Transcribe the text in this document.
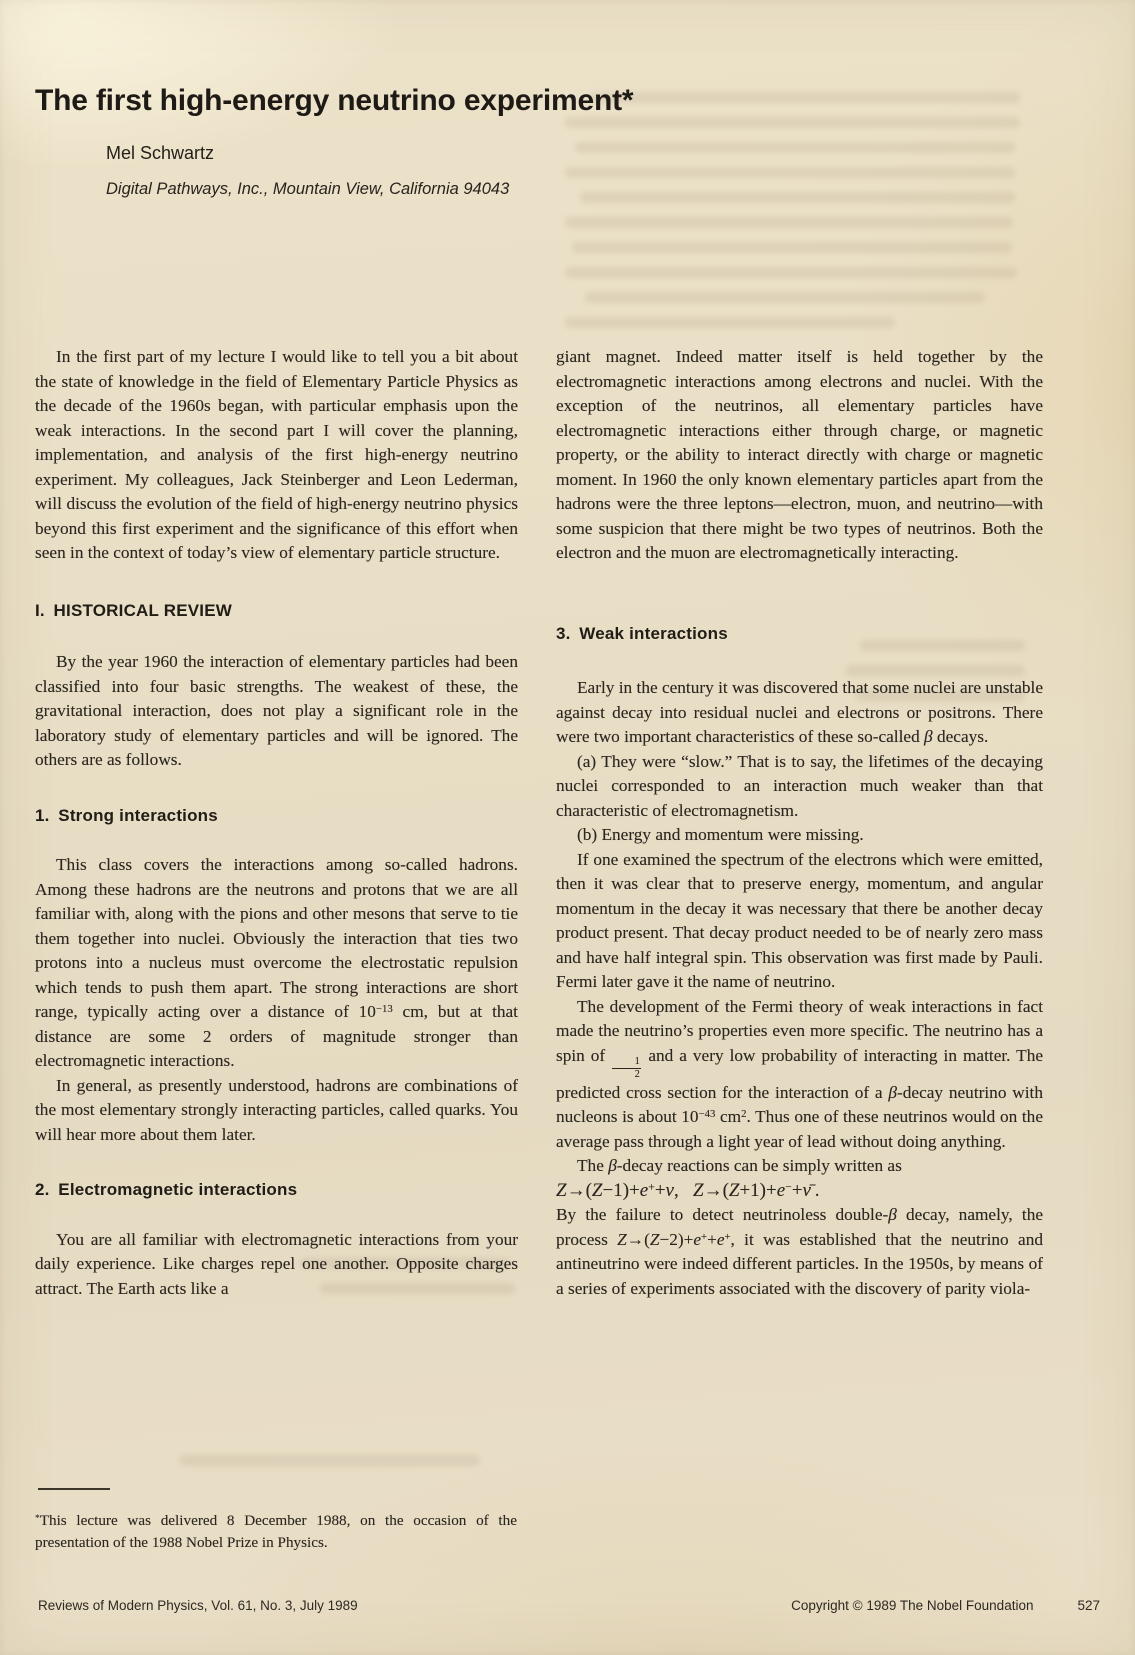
The first high-energy neutrino experiment*
Mel Schwartz
Digital Pathways, Inc., Mountain View, California 94043

In the first part of my lecture I would like to tell you a bit about the state of knowledge in the field of Elementary Particle Physics as the decade of the 1960s began, with particular emphasis upon the weak interactions. In the second part I will cover the planning, implementation, and analysis of the first high-energy neutrino experiment. My colleagues, Jack Steinberger and Leon Lederman, will discuss the evolution of the field of high-energy neutrino physics beyond this first experiment and the significance of this effort when seen in the context of today’s view of elementary particle structure.

I. HISTORICAL REVIEW

By the year 1960 the interaction of elementary particles had been classified into four basic strengths. The weakest of these, the gravitational interaction, does not play a significant role in the laboratory study of elementary particles and will be ignored. The others are as follows.

1. Strong interactions

This class covers the interactions among so-called hadrons. Among these hadrons are the neutrons and protons that we are all familiar with, along with the pions and other mesons that serve to tie them together into nuclei. Obviously the interaction that ties two protons into a nucleus must overcome the electrostatic repulsion which tends to push them apart. The strong interactions are short range, typically acting over a distance of $10^{-13}$ cm, but at that distance are some 2 orders of magnitude stronger than electromagnetic interactions.

In general, as presently understood, hadrons are combinations of the most elementary strongly interacting particles, called quarks. You will hear more about them later.

2. Electromagnetic interactions

You are all familiar with electromagnetic interactions from your daily experience. Like charges repel one another. Opposite charges attract. The Earth acts like a

giant magnet. Indeed matter itself is held together by the electromagnetic interactions among electrons and nuclei. With the exception of the neutrinos, all elementary particles have electromagnetic interactions either through charge, or magnetic property, or the ability to interact directly with charge or magnetic moment. In 1960 the only known elementary particles apart from the hadrons were the three leptons—electron, muon, and neutrino—with some suspicion that there might be two types of neutrinos. Both the electron and the muon are electromagnetically interacting.

3. Weak interactions

Early in the century it was discovered that some nuclei are unstable against decay into residual nuclei and electrons or positrons. There were two important characteristics of these so-called β decays.

(a) They were “slow.” That is to say, the lifetimes of the decaying nuclei corresponded to an interaction much weaker than that characteristic of electromagnetism.

(b) Energy and momentum were missing.

If one examined the spectrum of the electrons which were emitted, then it was clear that to preserve energy, momentum, and angular momentum in the decay it was necessary that there be another decay product present. That decay product needed to be of nearly zero mass and have half integral spin. This observation was first made by Pauli. Fermi later gave it the name of neutrino.

The development of the Fermi theory of weak interactions in fact made the neutrino’s properties even more specific. The neutrino has a spin of
$\frac{1}{2}$
and a very low probability of interacting in matter. The predicted cross section for the interaction of a β-decay neutrino with nucleons is about $10^{-43}$ $cm^2$. Thus one of these neutrinos would on the average pass through a light year of lead without doing anything.

The β-decay reactions can be simply written as

Z→(Z−1)+e++ν,  Z→(Z+1)+e−+ν̄ .

By the failure to detect neutrinoless double-β decay, namely, the process Z→(Z−2)+e++e+, it was established that the neutrino and antineutrino were indeed different particles. In the 1950s, by means of a series of experiments associated with the discovery of parity viola-

*This lecture was delivered 8 December 1988, on the occasion of the presentation of the 1988 Nobel Prize in Physics.
Reviews of Modern Physics, Vol. 61, No. 3, July 1989	Copyright © 1989 The Nobel Foundation	527
